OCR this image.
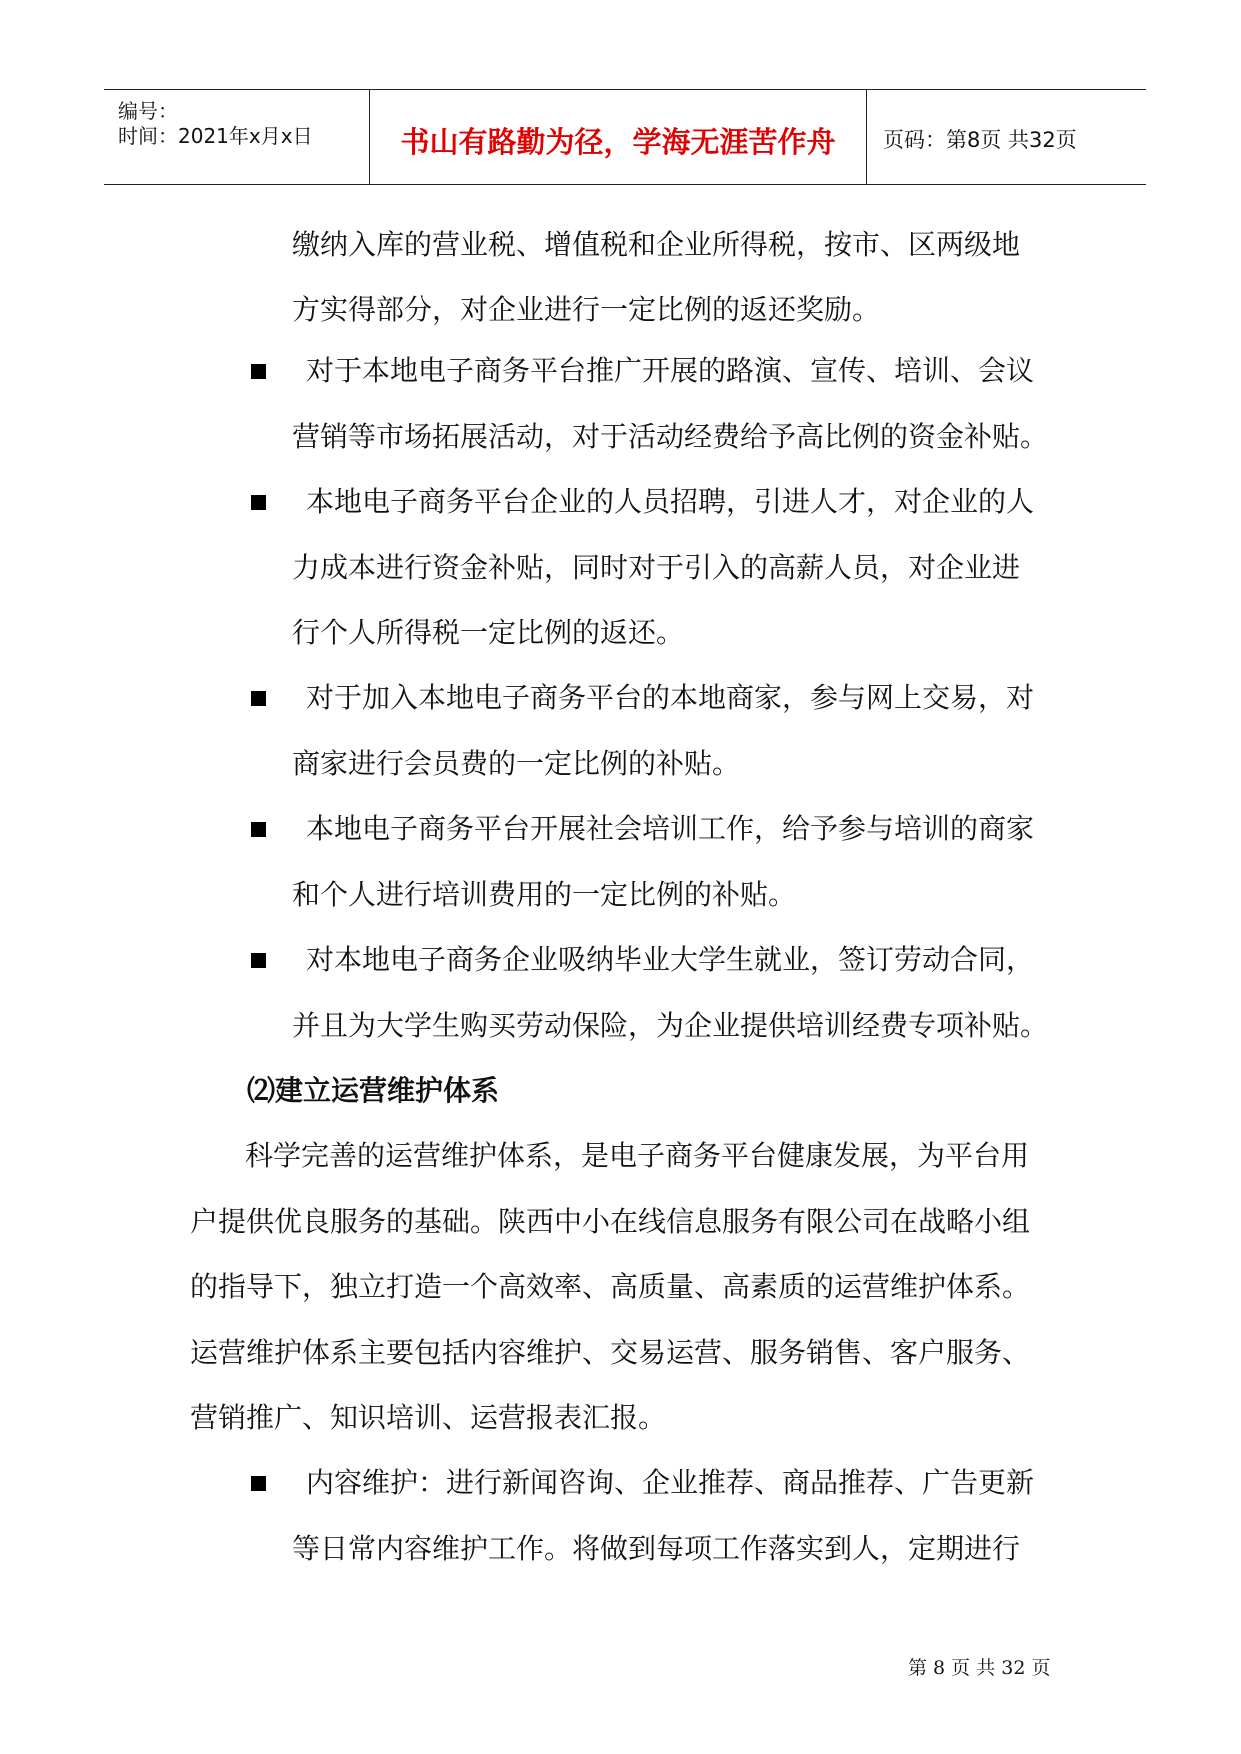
编号：
时间：2021年x月x日	书山有路勤为径，学海无涯苦作舟	页码：第8页 共32页
缴纳入库的营业税、增值税和企业所得税，按市、区两级地
方实得部分，对企业进行一定比例的返还奖励。
对于本地电子商务平台推广开展的路演、宣传、培训、会议
营销等市场拓展活动，对于活动经费给予高比例的资金补贴。
本地电子商务平台企业的人员招聘，引进人才，对企业的人
力成本进行资金补贴，同时对于引入的高薪人员，对企业进
行个人所得税一定比例的返还。
对于加入本地电子商务平台的本地商家，参与网上交易，对
商家进行会员费的一定比例的补贴。
本地电子商务平台开展社会培训工作，给予参与培训的商家
和个人进行培训费用的一定比例的补贴。
对本地电子商务企业吸纳毕业大学生就业，签订劳动合同，
并且为大学生购买劳动保险，为企业提供培训经费专项补贴。
⑵建立运营维护体系
科学完善的运营维护体系，是电子商务平台健康发展，为平台用
户提供优良服务的基础。陕西中小在线信息服务有限公司在战略小组
的指导下，独立打造一个高效率、高质量、高素质的运营维护体系。
运营维护体系主要包括内容维护、交易运营、服务销售、客户服务、
营销推广、知识培训、运营报表汇报。
内容维护：进行新闻咨询、企业推荐、商品推荐、广告更新
等日常内容维护工作。将做到每项工作落实到人，定期进行
第 8 页 共 32 页
